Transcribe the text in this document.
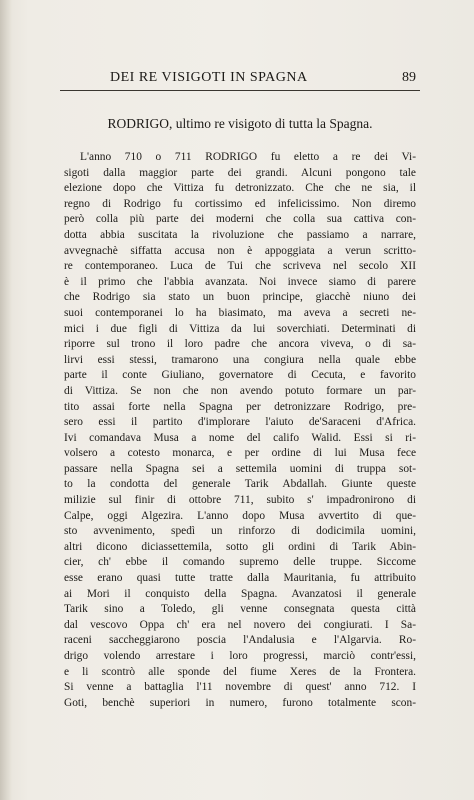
DEI RE VISIGOTI IN SPAGNA	89
RODRIGO, ultimo re visigoto di tutta la Spagna.
L'anno 710 o 711 RODRIGO fu eletto a re dei Vi-
sigoti dalla maggior parte dei grandi. Alcuni pongono tale
elezione dopo che Vittiza fu detronizzato. Che che ne sia, il
regno di Rodrigo fu cortissimo ed infelicissimo. Non diremo
però colla più parte dei moderni che colla sua cattiva con-
dotta abbia suscitata la rivoluzione che passiamo a narrare,
avvegnachè siffatta accusa non è appoggiata a verun scritto-
re contemporaneo. Luca de Tui che scriveva nel secolo XII
è il primo che l'abbia avanzata. Noi invece siamo di parere
che Rodrigo sia stato un buon principe, giacchè niuno dei
suoi contemporanei lo ha biasimato, ma aveva a secreti ne-
mici i due figli di Vittiza da lui soverchiati. Determinati di
riporre sul trono il loro padre che ancora viveva, o di sa-
lirvi essi stessi, tramarono una congiura nella quale ebbe
parte il conte Giuliano, governatore di Cecuta, e favorito
di Vittiza. Se non che non avendo potuto formare un par-
tito assai forte nella Spagna per detronizzare Rodrigo, pre-
sero essi il partito d'implorare l'aiuto de'Saraceni d'Africa.
Ivi comandava Musa a nome del califo Walid. Essi si ri-
volsero a cotesto monarca, e per ordine di lui Musa fece
passare nella Spagna sei a settemila uomini di truppa sot-
to la condotta del generale Tarik Abdallah. Giunte queste
milizie sul finir di ottobre 711, subito s' impadronirono di
Calpe, oggi Algezira. L'anno dopo Musa avvertito di que-
sto avvenimento, spedì un rinforzo di dodicimila uomini,
altri dicono diciassettemila, sotto gli ordini di Tarik Abin-
cier, ch' ebbe il comando supremo delle truppe. Siccome
esse erano quasi tutte tratte dalla Mauritania, fu attribuito
ai Mori il conquisto della Spagna. Avanzatosi il generale
Tarik sino a Toledo, gli venne consegnata questa città
dal vescovo Oppa ch' era nel novero dei congiurati. I Sa-
raceni saccheggiarono poscia l'Andalusia e l'Algarvia. Ro-
drigo volendo arrestare i loro progressi, marciò contr'essi,
e li scontrò alle sponde del fiume Xeres de la Frontera.
Si venne a battaglia l'11 novembre di quest' anno 712. I
Goti, benchè superiori in numero, furono totalmente scon-
